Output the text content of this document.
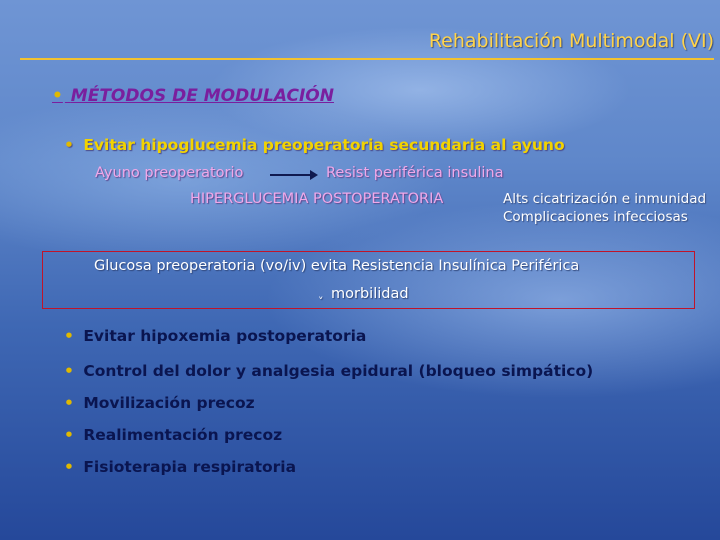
Rehabilitación Multimodal (VI)
• MÉTODOS DE MODULACIÓN
• Evitar hipoglucemia preoperatoria secundaria al ayuno
Ayuno preoperatorio	Resist periférica insulina
HIPERGLUCEMIA POSTOPERATORIA	Alts cicatrización e inmunidad
Complicaciones infecciosas
Glucosa preoperatoria (vo/iv) evita Resistencia Insulínica Periférica
ˬ morbilidad
• Evitar hipoxemia postoperatoria
• Control del dolor y analgesia epidural (bloqueo simpático)
• Movilización precoz
• Realimentación precoz
• Fisioterapia respiratoria
